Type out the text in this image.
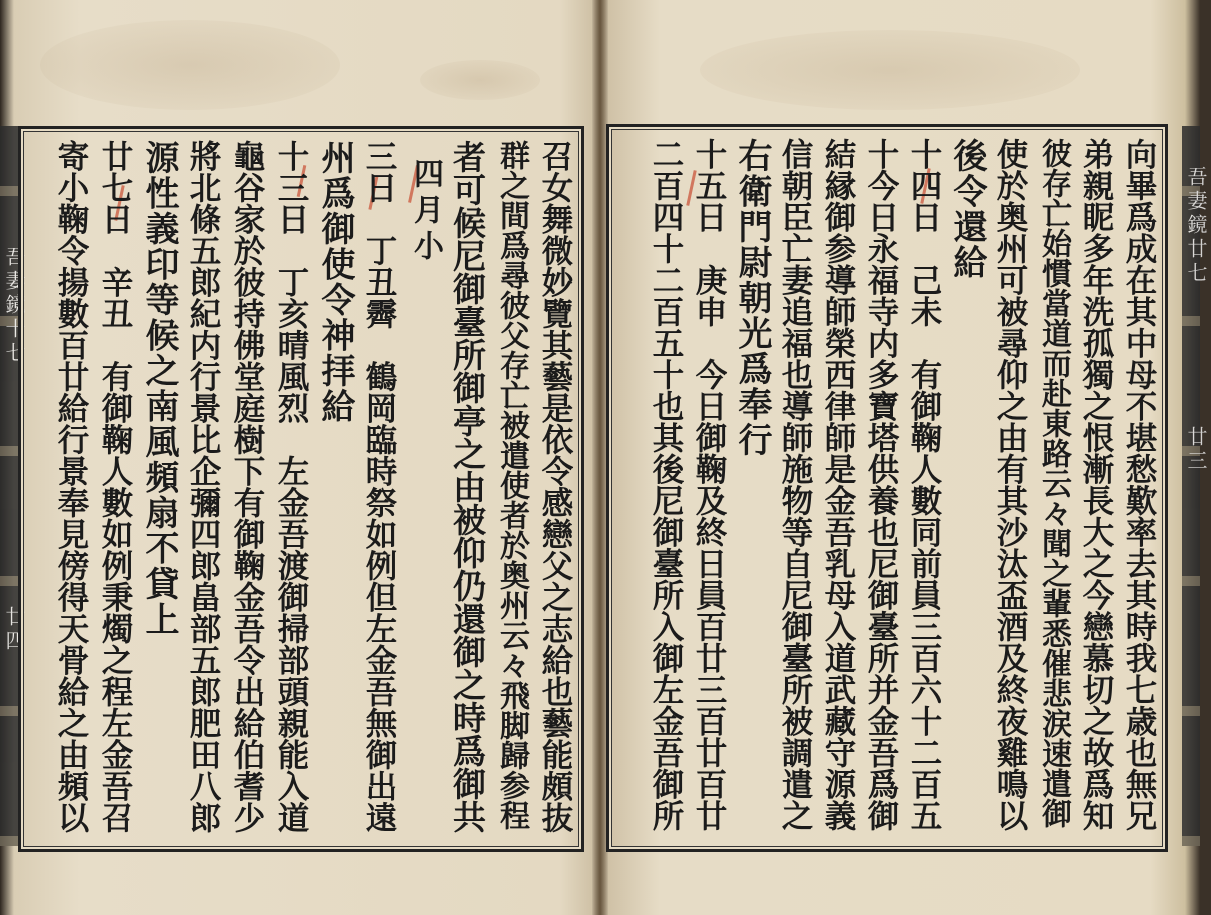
吾妻鏡十七
廿四
吾妻鏡廿七
廿三
召女舞微妙覽其藝是依令感戀父之志給也藝能頗抜
群之間爲尋彼父存亡被遣使者於奥州云々飛脚歸参程
者可候尼御臺所御亭之由被仰仍還御之時爲御共
四月小
三日　丁丑霽　鶴岡臨時祭如例但左金吾無御出遠
州爲御使令神拝給
十三日　丁亥晴風烈　左金吾渡御掃部頭親能入道
龜谷家於彼持佛堂庭樹下有御鞠金吾令出給伯耆少
將北條五郎紀内行景比企彌四郎畠部五郎肥田八郎
源性義印等候之南風頻扇不貸上
廿七日　辛丑　有御鞠人數如例秉燭之程左金吾召
寄小鞠令揚數百廿給行景奉見傍得天骨給之由頻以	向畢爲成在其中母不堪愁歎率去其時我七歳也無兄
弟親眤多年洗孤獨之恨漸長大之今戀慕切之故爲知
彼存亡始慣當道而赴東路云々聞之輩悉催悲涙速遣御
使於奥州可被尋仰之由有其沙汰盃酒及終夜雞鳴以
後令還給
十四日　己未　有御鞠人數同前員三百六十二百五
十今日永福寺内多寶塔供養也尼御臺所并金吾爲御
結縁御参導師榮西律師是金吾乳母入道武藏守源義
信朝臣亡妻追福也導師施物等自尼御臺所被調遣之
右衛門尉朝光爲奉行
十五日　庚申　今日御鞠及終日員百廿三百廿百廿
二百四十二百五十也其後尼御臺所入御左金吾御所
